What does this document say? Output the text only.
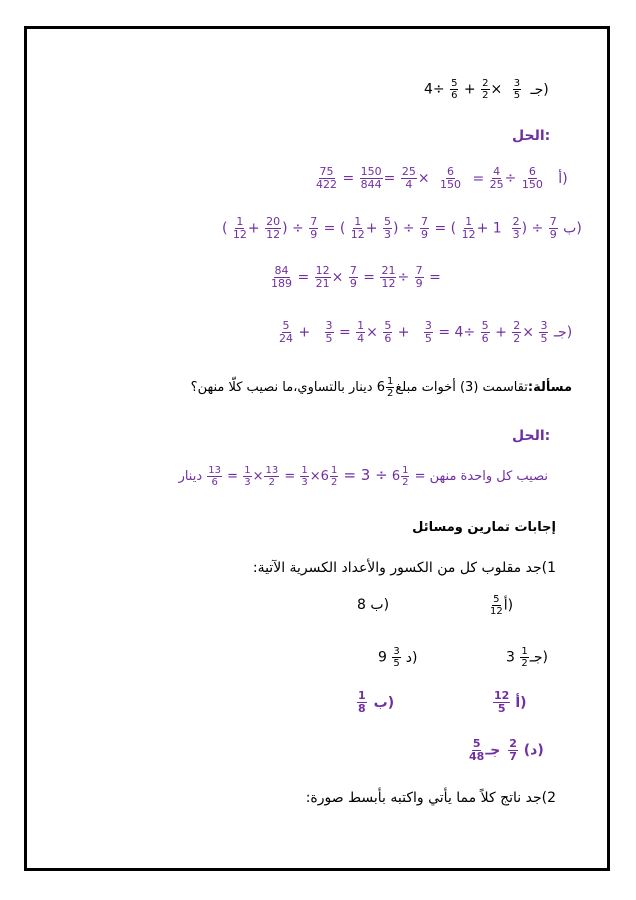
$4\div \frac{5}{6} + \frac{2}{2} \times \frac{3}{5}$ جـ)
الحل:
$\frac{75}{422} = \frac{150}{844} = \frac{25}{4} \times \frac{6}{150} = \frac{4}{25} \div \frac{6}{150}$ أ)
( $\frac{1}{12} + \frac{20}{12}$ ) ÷ $\frac{7}{9}$ = ( $\frac{1}{12} + \frac{5}{3}$ ) ÷ $\frac{7}{9}$ = ( $\frac{1}{12} + 1 \frac{2}{3}$ ) ÷ $\frac{7}{9}$ ب)
$\frac{84}{189} = \frac{12}{21} \times \frac{7}{9} = \frac{21}{12} \div \frac{7}{9}$ =
$\frac{5}{24} + \frac{3}{5} = \frac{1}{4} \times \frac{5}{6} + \frac{3}{5} = 4\div \frac{5}{6} + \frac{2}{2} \times \frac{3}{5}$ جـ)
مسألة:تقاسمت (3) أخوات مبلغ
$\frac{1}{2}$
6 دينار بالتساوي،ما نصيب كلّا منهن؟
الحل:
نصيب كل واحدة منهن =
$\frac{1}{2}$
6 ÷ 3 =
$\frac{1}{2}$
6×
$\frac{1}{3}$
=
$\frac{13}{2}$
×
$\frac{1}{3}$
=
$\frac{13}{6}$
دينار
إجابات تمارين ومسائل
1)جد مقلوب كل من الكسور والأعداد الكسرية الآتية:
$\frac{5}{12}$ أ)
8 ب)
$3 \frac{1}{2}$ جـ)
$9 \frac{3}{5}$ د)
$\frac{12}{5}$ أ)
$\frac{1}{8}$ ب)
$\frac{5}{48}$	د)
$\frac{2}{7}$
جـ)
2)جد ناتج كلاً مما يأتي واكتبه بأبسط صورة:
